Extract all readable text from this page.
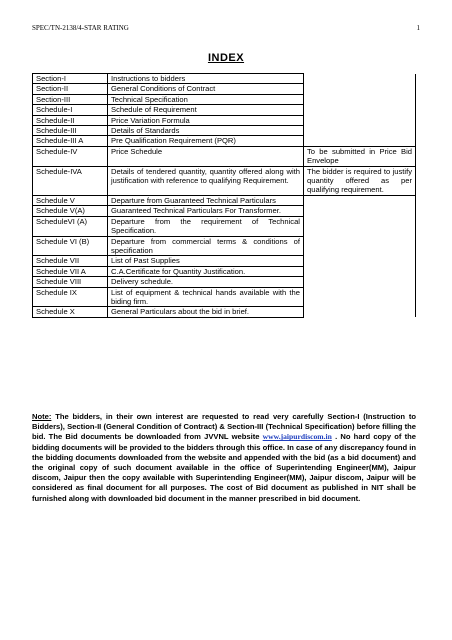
SPEC/TN-2138/4-STAR RATING	1
INDEX
Section-I	Instructions to bidders	
Section-II	General Conditions of Contract	
Section-III	Technical Specification	
Schedule-I	Schedule of Requirement	
Schedule-II	Price Variation Formula	
Schedule-III	Details of Standards	
Schedule-III A	Pre Qualification Requirement (PQR)	
Schedule-IV	Price Schedule	To be submitted in Price Bid Envelope
Schedule-IVA	Details of tendered quantity, quantity offered along with justification with reference to qualifying Requirement.	The bidder is required to justify quantity offered as per qualifying requirement.
Schedule V	Departure from Guaranteed Technical Particulars	
Schedule V(A)	Guaranteed Technical Particulars For Transformer.	
ScheduleVI (A)	Departure from the requirement of Technical Specification.	
Schedule VI (B)	Departure from commercial terms & conditions of specification	
Schedule VII	List of Past Supplies	
Schedule VII A	C.A.Certificate for Quantity Justification.	
Schedule VIII	Delivery schedule.	
Schedule IX	List of equipment & technical hands available with the biding firm.	
Schedule X	General Particulars about the bid in brief.	
Note: The bidders, in their own interest are requested to read very carefully Section-I (Instruction to Bidders), Section-II (General Condition of Contract) & Section-III (Technical Specification) before filling the bid. The Bid documents be downloaded from JVVNL website www.jaipurdiscom.in . No hard copy of the bidding documents will be provided to the bidders through this office. In case of any discrepancy found in the bidding documents downloaded from the website and appended with the bid (as a bid document) and the original copy of such document available in the office of Superintending Engineer(MM), Jaipur discom, Jaipur then the copy available with Superintending Engineer(MM), Jaipur discom, Jaipur will be considered as final document for all purposes. The cost of Bid document as published in NIT shall be furnished along with downloaded bid document in the manner prescribed in bid document.
